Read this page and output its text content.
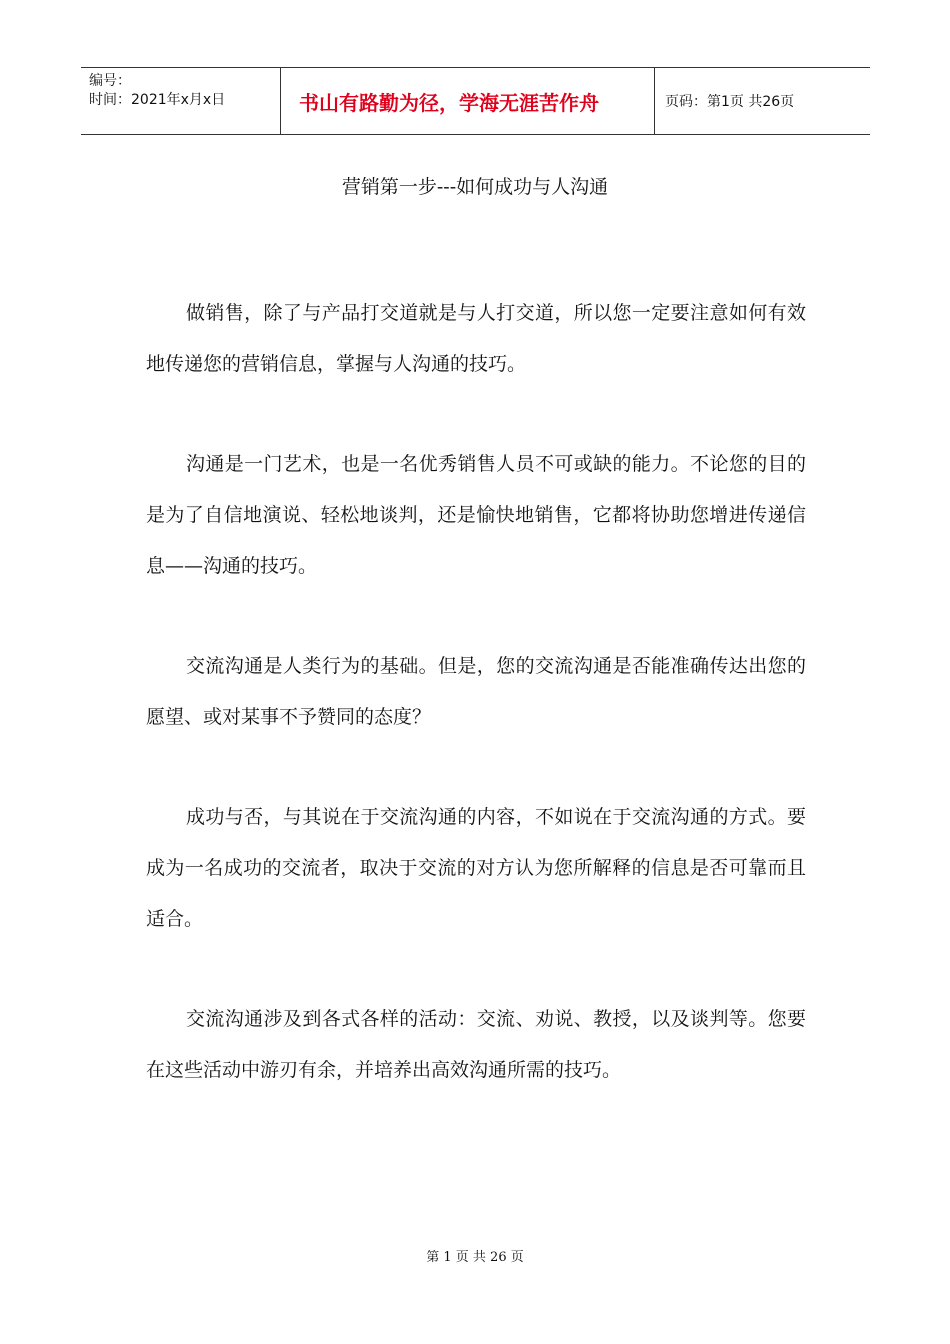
编号：
时间：2021年x月x日	书山有路勤为径，学海无涯苦作舟	页码：第1页 共26页
营销第一步---如何成功与人沟通

做销售，除了与产品打交道就是与人打交道，所以您一定要注意如何有效地传递您的营销信息，掌握与人沟通的技巧。

沟通是一门艺术，也是一名优秀销售人员不可或缺的能力。不论您的目的是为了自信地演说、轻松地谈判，还是愉快地销售，它都将协助您增进传递信息——沟通的技巧。

交流沟通是人类行为的基础。但是，您的交流沟通是否能准确传达出您的愿望、或对某事不予赞同的态度？

成功与否，与其说在于交流沟通的内容，不如说在于交流沟通的方式。要成为一名成功的交流者，取决于交流的对方认为您所解释的信息是否可靠而且适合。

交流沟通涉及到各式各样的活动：交流、劝说、教授，以及谈判等。您要在这些活动中游刃有余，并培养出高效沟通所需的技巧。

第 1 页 共 26 页
